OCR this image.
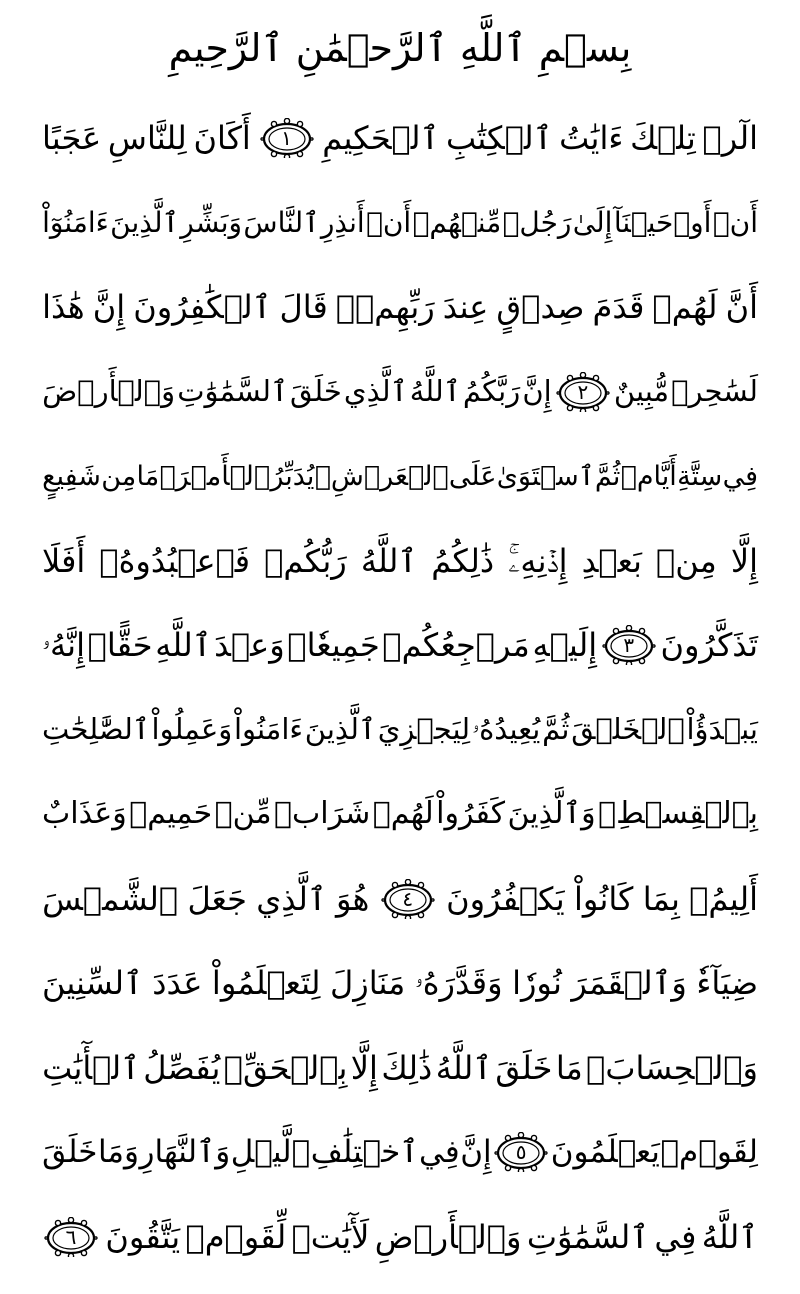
بِسۡمِ ٱللَّهِ ٱلرَّحۡمَٰنِ ٱلرَّحِيمِ
الٓرۚ
تِلۡكَ
ءَايَٰتُ
ٱلۡكِتَٰبِ
ٱلۡحَكِيمِ
١
أَكَانَ
لِلنَّاسِ
عَجَبًا
أَنۡ
أَوۡحَيۡنَآ
إِلَىٰ
رَجُلٖ
مِّنۡهُمۡ
أَنۡ
أَنذِرِ
ٱلنَّاسَ
وَبَشِّرِ
ٱلَّذِينَ
ءَامَنُوٓاْ
أَنَّ
لَهُمۡ
قَدَمَ
صِدۡقٍ
عِندَ
رَبِّهِمۡۗ
قَالَ
ٱلۡكَٰفِرُونَ
إِنَّ
هَٰذَا
لَسَٰحِرٞ
مُّبِينٌ
٢
إِنَّ
رَبَّكُمُ
ٱللَّهُ
ٱلَّذِي
خَلَقَ
ٱلسَّمَٰوَٰتِ
وَٱلۡأَرۡضَ
فِي
سِتَّةِ
أَيَّامٖ
ثُمَّ
ٱسۡتَوَىٰ
عَلَى
ٱلۡعَرۡشِۖ
يُدَبِّرُ
ٱلۡأَمۡرَۖ
مَا
مِن
شَفِيعٍ
إِلَّا
مِنۢ
بَعۡدِ
إِذۡنِهِۦۚ
ذَٰلِكُمُ
ٱللَّهُ
رَبُّكُمۡ
فَٱعۡبُدُوهُۚ
أَفَلَا
تَذَكَّرُونَ
٣
إِلَيۡهِ
مَرۡجِعُكُمۡ
جَمِيعٗاۖ
وَعۡدَ
ٱللَّهِ
حَقًّاۚ
إِنَّهُۥ
يَبۡدَؤُاْ
ٱلۡخَلۡقَ
ثُمَّ
يُعِيدُهُۥ
لِيَجۡزِيَ
ٱلَّذِينَ
ءَامَنُواْ
وَعَمِلُواْ
ٱلصَّٰلِحَٰتِ
بِٱلۡقِسۡطِۚ
وَٱلَّذِينَ
كَفَرُواْ
لَهُمۡ
شَرَابٞ
مِّنۡ
حَمِيمٖ
وَعَذَابٌ
أَلِيمُۢ
بِمَا
كَانُواْ
يَكۡفُرُونَ
٤
هُوَ
ٱلَّذِي
جَعَلَ
ٱلشَّمۡسَ
ضِيَآءٗ
وَٱلۡقَمَرَ
نُورٗا
وَقَدَّرَهُۥ
مَنَازِلَ
لِتَعۡلَمُواْ
عَدَدَ
ٱلسِّنِينَ
وَٱلۡحِسَابَۚ
مَا
خَلَقَ
ٱللَّهُ
ذَٰلِكَ
إِلَّا
بِٱلۡحَقِّۚ
يُفَصِّلُ
ٱلۡأٓيَٰتِ
لِقَوۡمٖ
يَعۡلَمُونَ
٥
إِنَّ
فِي
ٱخۡتِلَٰفِ
ٱلَّيۡلِ
وَٱلنَّهَارِ
وَمَا
خَلَقَ
ٱللَّهُ
فِي
ٱلسَّمَٰوَٰتِ
وَٱلۡأَرۡضِ
لَأٓيَٰتٖ
لِّقَوۡمٖ
يَتَّقُونَ
٦
